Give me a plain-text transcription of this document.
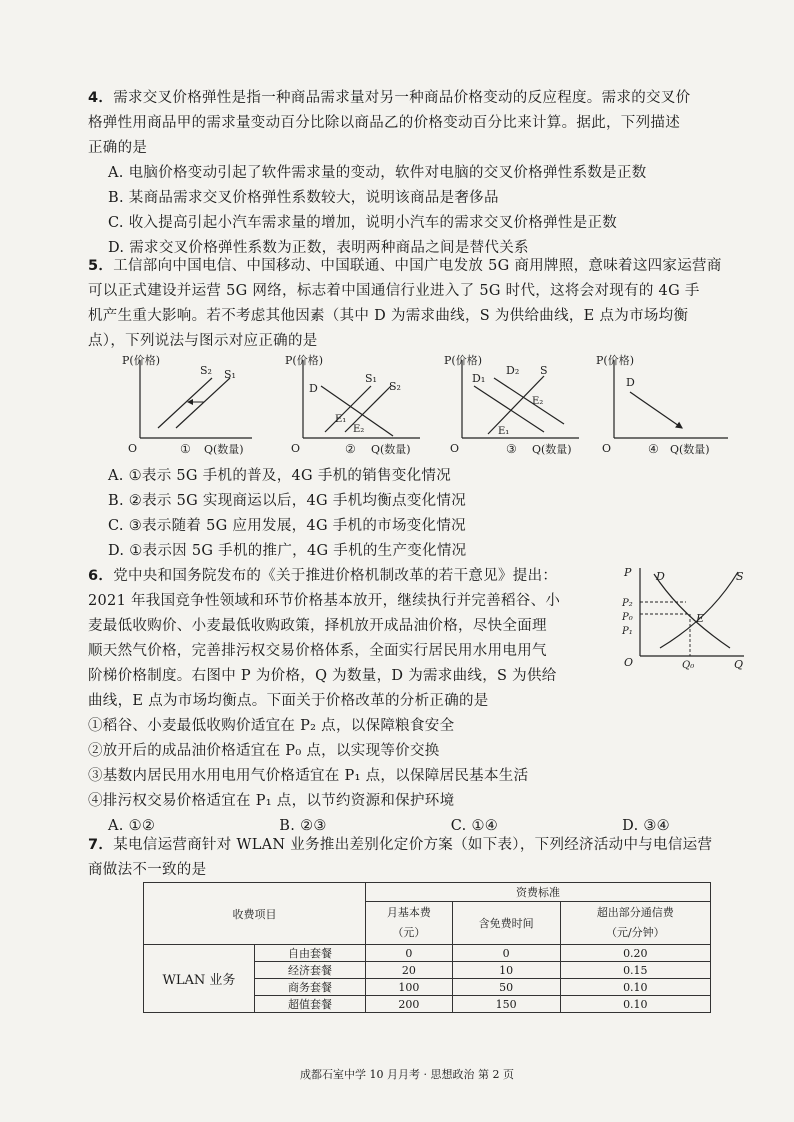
4．需求交叉价格弹性是指一种商品需求量对另一种商品价格变动的反应程度。需求的交叉价
格弹性用商品甲的需求量变动百分比除以商品乙的价格变动百分比来计算。据此，下列描述
正确的是
A. 电脑价格变动引起了软件需求量的变动，软件对电脑的交叉价格弹性系数是正数
B. 某商品需求交叉价格弹性系数较大，说明该商品是奢侈品
C. 收入提高引起小汽车需求量的增加，说明小汽车的需求交叉价格弹性是正数
D. 需求交叉价格弹性系数为正数，表明两种商品之间是替代关系
5．工信部向中国电信、中国移动、中国联通、中国广电发放 5G 商用牌照，意味着这四家运营商
可以正式建设并运营 5G 网络，标志着中国通信行业进入了 5G 时代，这将会对现有的 4G 手
机产生重大影响。若不考虑其他因素（其中 D 为需求曲线，S 为供给曲线，E 点为市场均衡
点），下列说法与图示对应正确的是
P(价格)
O	① Q(数量)
S₂ S₁
P(价格)
O	② Q(数量)
D
S₁
S₂
E₁
E₂
P(价格)
O	③ Q(数量)
D₁
D₂ S
E₁
E₂
P(价格)
O	④ Q(数量)
D
A. ①表示 5G 手机的普及，4G 手机的销售变化情况
B. ②表示 5G 实现商运以后，4G 手机均衡点变化情况
C. ③表示随着 5G 应用发展，4G 手机的市场变化情况
D. ①表示因 5G 手机的推广，4G 手机的生产变化情况
6．党中央和国务院发布的《关于推进价格机制改革的若干意见》提出：
2021 年我国竞争性领域和环节价格基本放开，继续执行并完善稻谷、小
麦最低收购价、小麦最低收购政策，择机放开成品油价格，尽快全面理
顺天然气价格，完善排污权交易价格体系，全面实行居民用水用电用气
阶梯价格制度。右图中 P 为价格，Q 为数量，D 为需求曲线，S 为供给
曲线，E 点为市场均衡点。下面关于价格改革的分析正确的是
①稻谷、小麦最低收购价适宜在 P₂ 点，以保障粮食安全
②放开后的成品油价格适宜在 P₀ 点，以实现等价交换
③基数内居民用水用电用气价格适宜在 P₁ 点，以保障居民基本生活
④排污权交易价格适宜在 P₁ 点，以节约资源和保护环境
A. ①②	B. ②③	C. ①④	D. ③④
P
Q
O
D	S
E
P₂
P₀
P₁
Q₀
7．某电信运营商针对 WLAN 业务推出差别化定价方案（如下表），下列经济活动中与电信运营
商做法不一致的是
收费项目		资费标准		
		月基本费
（元）	含免费时间	超出部分通信费
（元/分钟）
WLAN 业务	自由套餐	0	0	0.20
	经济套餐	20	10	0.15
	商务套餐	100	50	0.10
	超值套餐	200	150	0.10
成都石室中学 10 月月考 · 思想政治 第 2 页
